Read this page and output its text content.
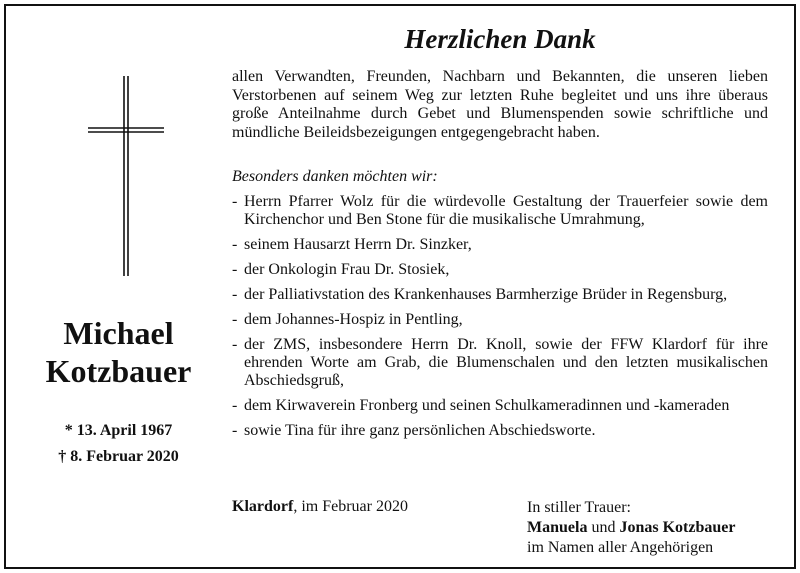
Michael
Kotzbauer
* 13. April 1967
† 8. Februar 2020
Herzlichen Dank

allen Verwandten, Freunden, Nachbarn und Bekannten, die unseren lieben Verstorbenen auf seinem Weg zur letzten Ruhe begleitet und uns ihre überaus große Anteilnahme durch Gebet und Blumenspenden sowie schriftliche und mündliche Beileidsbezeigungen entgegengebracht haben.

Besonders danken möchten wir:
- Herrn Pfarrer Wolz für die würdevolle Gestaltung der Trauerfeier sowie dem Kirchenchor und Ben Stone für die musikalische Umrahmung,
- seinem Hausarzt Herrn Dr. Sinzker,
- der Onkologin Frau Dr. Stosiek,
- der Palliativstation des Krankenhauses Barmherzige Brüder in Regensburg,
- dem Johannes-Hospiz in Pentling,
- der ZMS, insbesondere Herrn Dr. Knoll, sowie der FFW Klardorf für ihre ehrenden Worte am Grab, die Blumenschalen und den letzten musikalischen Abschiedsgruß,
- dem Kirwaverein Fronberg und seinen Schulkameradinnen und -kameraden
- sowie Tina für ihre ganz persönlichen Abschiedsworte.
Klardorf, im Februar 2020	In stiller Trauer:
Manuela und Jonas Kotzbauer
im Namen aller Angehörigen
